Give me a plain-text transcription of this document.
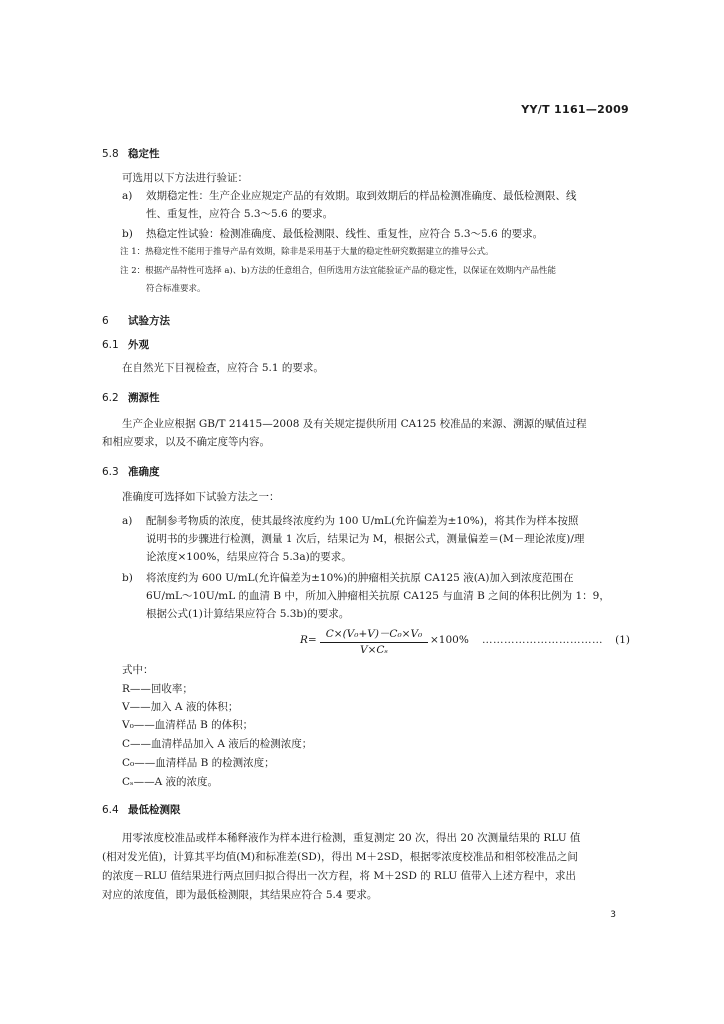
YY/T 1161—2009
5.8 稳定性
可选用以下方法进行验证：
a) 效期稳定性：生产企业应规定产品的有效期。取到效期后的样品检测准确度、最低检测限、线
性、重复性，应符合 5.3～5.6 的要求。
b) 热稳定性试验：检测准确度、最低检测限、线性、重复性，应符合 5.3～5.6 的要求。
注 1：热稳定性不能用于推导产品有效期，除非是采用基于大量的稳定性研究数据建立的推导公式。
注 2：根据产品特性可选择 a)、b)方法的任意组合，但所选用方法宜能验证产品的稳定性，以保证在效期内产品性能
符合标准要求。
6 试验方法
6.1 外观
在自然光下目视检查，应符合 5.1 的要求。
6.2 溯源性
生产企业应根据 GB/T 21415—2008 及有关规定提供所用 CA125 校准品的来源、溯源的赋值过程
和相应要求，以及不确定度等内容。
6.3 准确度
准确度可选择如下试验方法之一：
a) 配制参考物质的浓度，使其最终浓度约为 100 U/mL(允许偏差为±10%)，将其作为样本按照
说明书的步骤进行检测，测量 1 次后，结果记为 M，根据公式，测量偏差＝(M－理论浓度)/理
论浓度×100%，结果应符合 5.3a)的要求。
b) 将浓度约为 600 U/mL(允许偏差为±10%)的肿瘤相关抗原 CA125 液(A)加入到浓度范围在
6U/mL～10U/mL 的血清 B 中，所加入肿瘤相关抗原 CA125 与血清 B 之间的体积比例为 1：9，
根据公式(1)计算结果应符合 5.3b)的要求。
$R= \frac{\text{C×(V₀+V)－C₀×V₀}}{\text{V×Cₛ}} \times 100\%$ …………………………… (1)
式中：
R——回收率；
V——加入 A 液的体积；
V₀——血清样品 B 的体积；
C——血清样品加入 A 液后的检测浓度；
C₀——血清样品 B 的检测浓度；
Cₛ——A 液的浓度。
6.4 最低检测限
用零浓度校准品或样本稀释液作为样本进行检测，重复测定 20 次，得出 20 次测量结果的 RLU 值
(相对发光值)，计算其平均值(M)和标准差(SD)，得出 M＋2SD，根据零浓度校准品和相邻校准品之间
的浓度－RLU 值结果进行两点回归拟合得出一次方程，将 M＋2SD 的 RLU 值带入上述方程中，求出
对应的浓度值，即为最低检测限，其结果应符合 5.4 要求。
3
